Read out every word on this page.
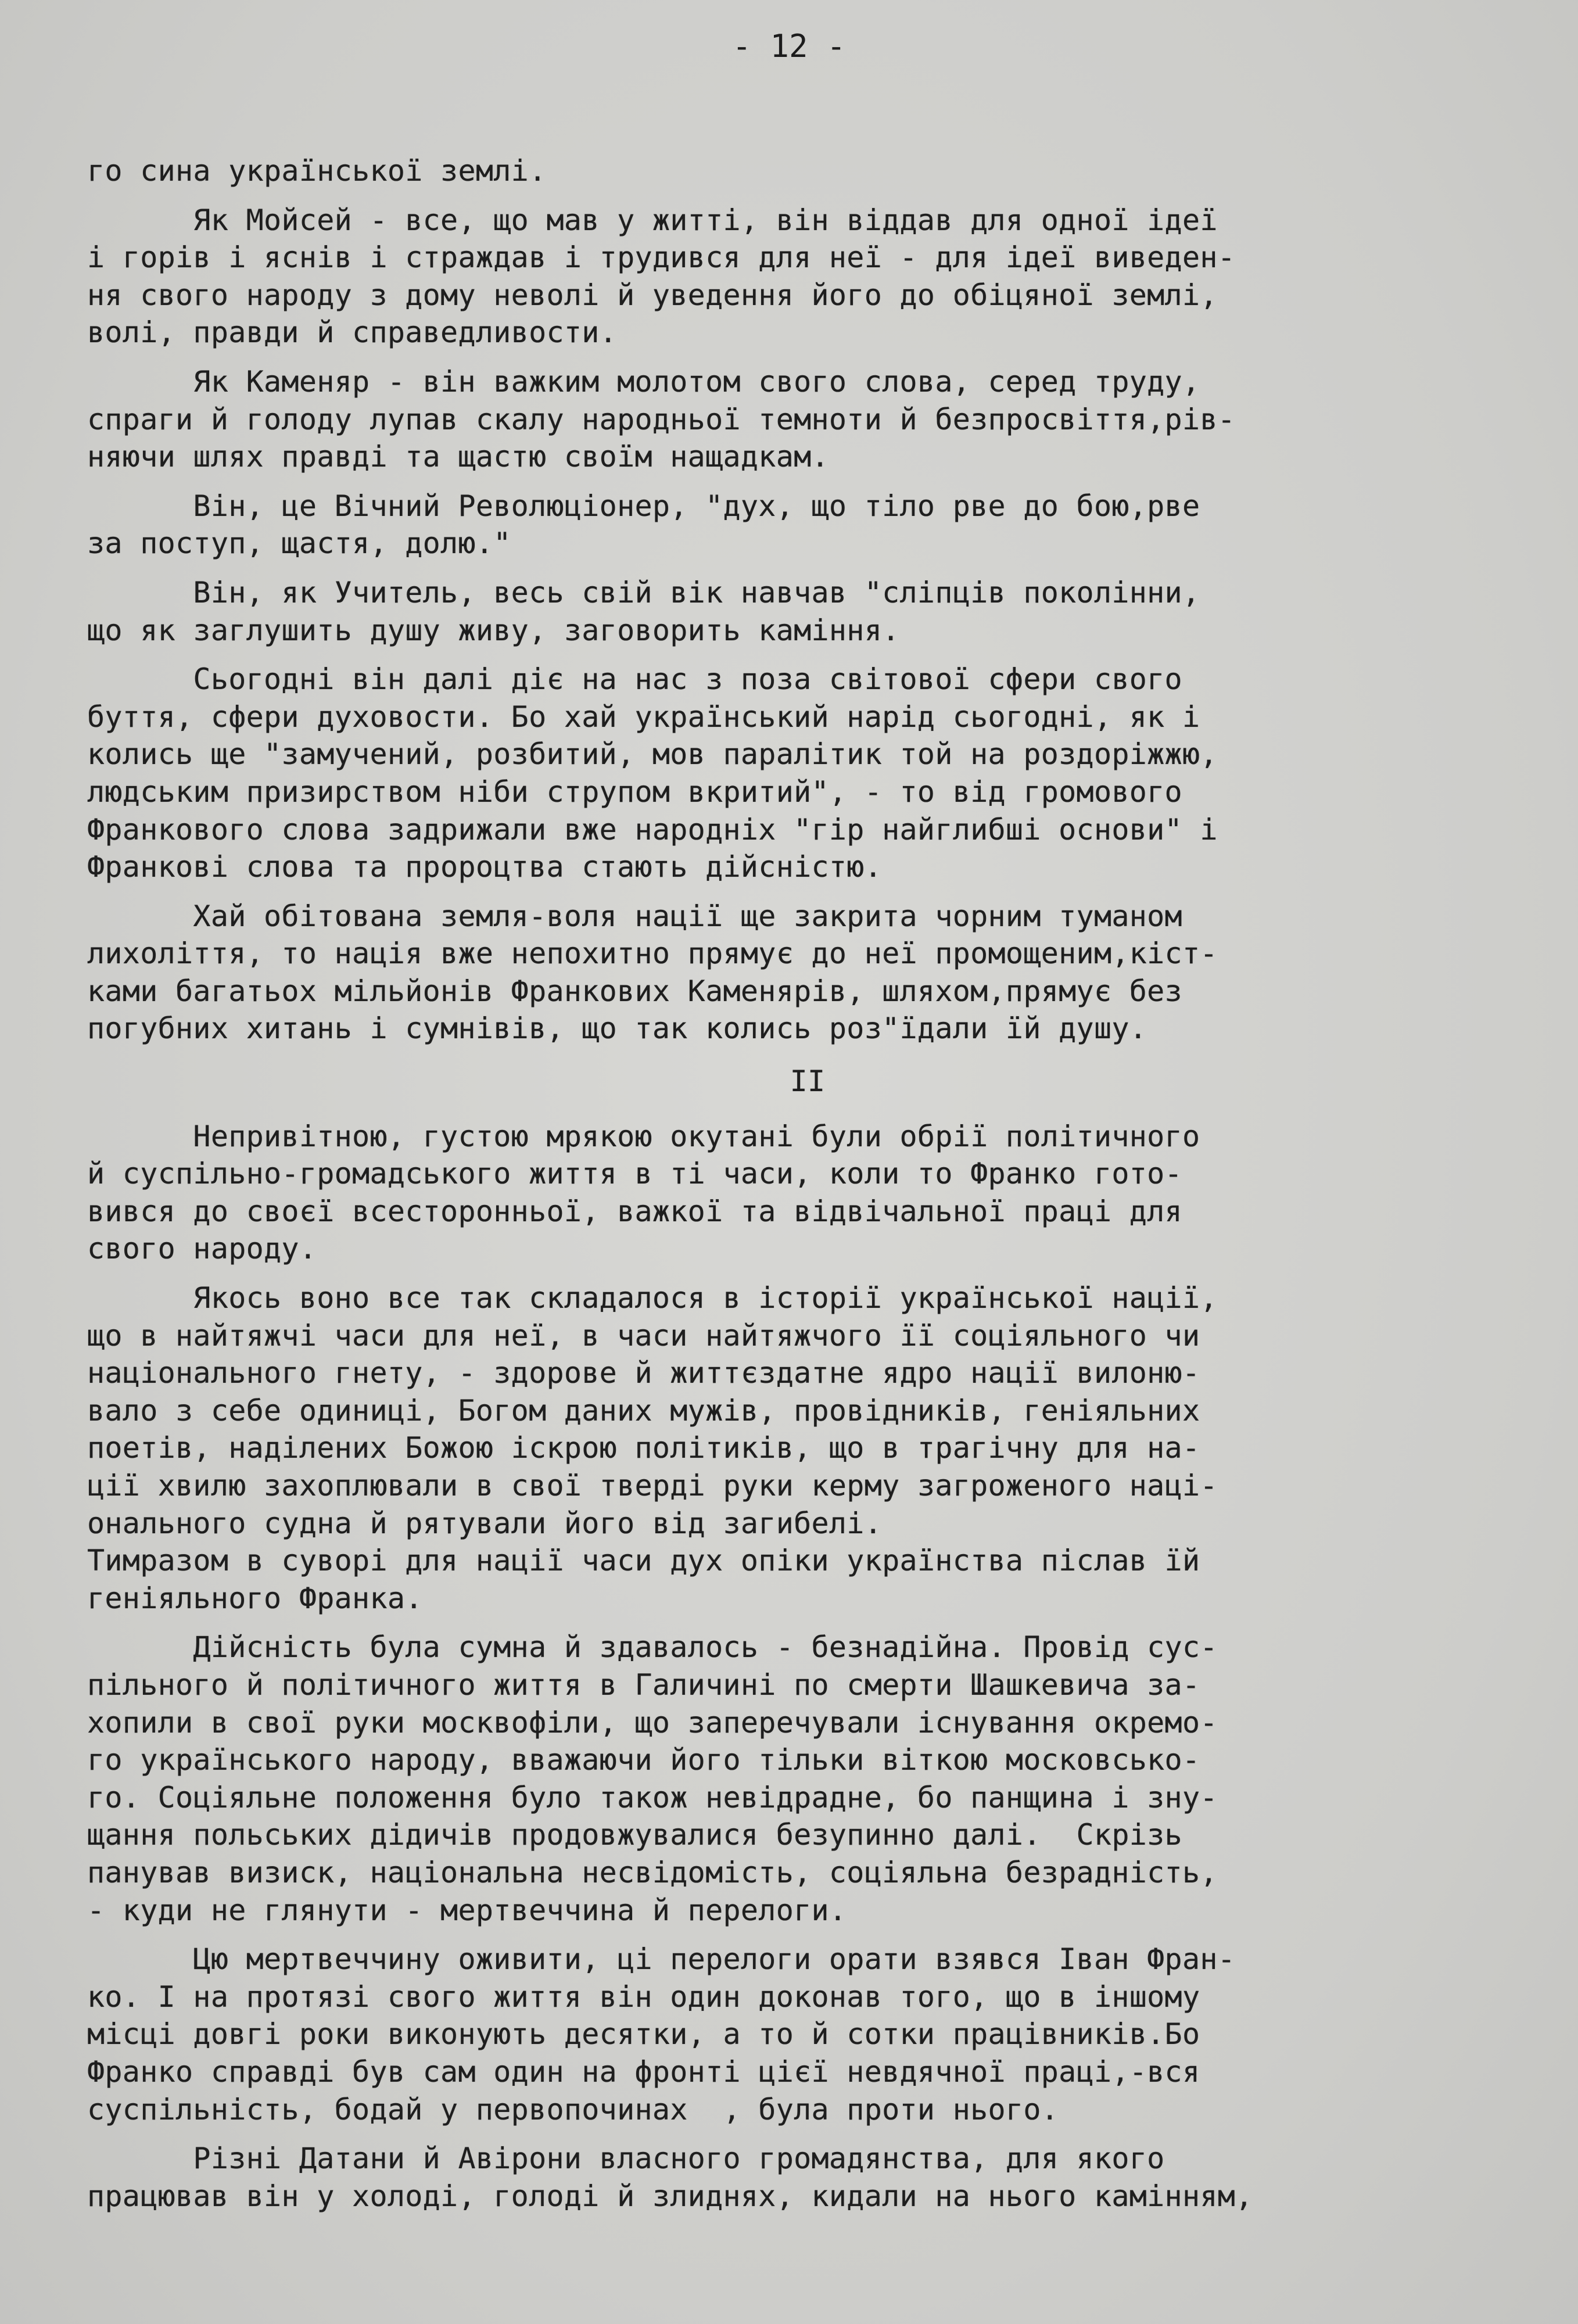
- 12 -

го сина української землі.

Як Мойсей - все, що мав у житті, він віддав для одної ідеї

і горів і яснів і страждав і трудився для неї - для ідеї виведен-

ня свого народу з дому неволі й уведення його до обіцяної землі,

волі, правди й справедливости.

Як Каменяр - він важким молотом свого слова, серед труду,

спраги й голоду лупав скалу народньої темноти й безпросвіття,рів-

няючи шлях правді та щастю своїм нащадкам.

Він, це Вічний Революціонер, "дух, що тіло рве до бою,рве

за поступ, щастя, долю."

Він, як Учитель, весь свій вік навчав "сліпців поколінни,

що як заглушить душу живу, заговорить каміння.

Сьогодні він далі діє на нас з поза світової сфери свого

буття, сфери духовости. Бо хай український нарід сьогодні, як і

колись ще "замучений, розбитий, мов паралітик той на роздоріжжю,

людським призирством ніби струпом вкритий", - то від громового

Франкового слова задрижали вже народніх "гір найглибші основи" і

Франкові слова та пророцтва стають дійсністю.

Хай обітована земля-воля нації ще закрита чорним туманом

лихоліття, то нація вже непохитно прямує до неї промощеним,кіст-

ками багатьох мільйонів Франкових Каменярів, шляхом,прямує без

погубних хитань і сумнівів, що так колись роз"їдали їй душу.

II

Непривітною, густою мрякою окутані були обрії політичного

й суспільно-громадського життя в ті часи, коли то Франко гото-

вився до своєї всесторонньої, важкої та відвічальної праці для

свого народу.

Якось воно все так складалося в історії української нації,

що в найтяжчі часи для неї, в часи найтяжчого її соціяльного чи

національного гнету, - здорове й життєздатне ядро нації вилоню-

вало з себе одиниці, Богом даних мужів, провідників, геніяльних

поетів, наділених Божою іскрою політиків, що в трагічну для на-

ції хвилю захоплювали в свої тверді руки керму загроженого наці-

онального судна й рятували його від загибелі.

Тимразом в суворі для нації часи дух опіки українства післав їй

геніяльного Франка.

Дійсність була сумна й здавалось - безнадійна. Провід сус-

пільного й політичного життя в Галичині по смерти Шашкевича за-

хопили в свої руки москвофіли, що заперечували існування окремо-

го українського народу, вважаючи його тільки віткою московсько-

го. Соціяльне положення було також невідрадне, бо панщина і зну-

щання польських дідичів продовжувалися безупинно далі.  Скрізь

панував визиск, національна несвідомість, соціяльна безрадність,

- куди не глянути - мертвеччина й перелоги.

Цю мертвеччину оживити, ці перелоги орати взявся Іван Фран-

ко. І на протязі свого життя він один доконав того, що в іншому

місці довгі роки виконують десятки, а то й сотки працівників.Бо

Франко справді був сам один на фронті цієї невдячної праці,-вся

суспільність, бодай у первопочинах  , була проти нього.

Різні Датани й Авірони власного громадянства, для якого

працював він у холоді, голоді й злиднях, кидали на нього камінням,
